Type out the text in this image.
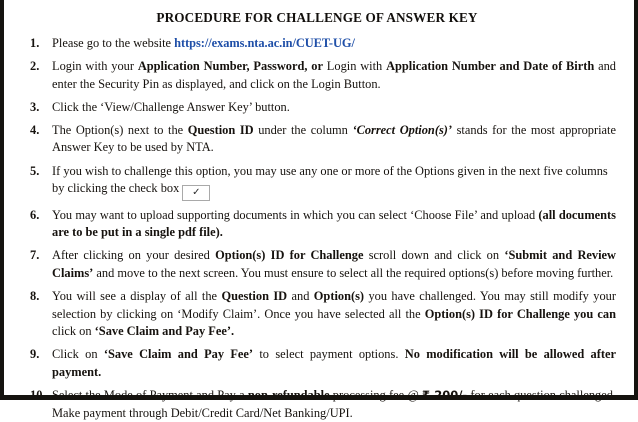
PROCEDURE FOR CHALLENGE OF ANSWER KEY
1.	Please go to the website https://exams.nta.ac.in/CUET-UG/
2.	Login with your Application Number, Password, or Login with Application Number and Date of Birth and enter the Security Pin as displayed, and click on the Login Button.
3.	Click the ‘View/Challenge Answer Key’ button.
4.	The Option(s) next to the Question ID under the column ‘Correct Option(s)’ stands for the most appropriate Answer Key to be used by NTA.
5.	If you wish to challenge this option, you may use any one or more of the Options given in the next five columns by clicking the check box ✓
6.	You may want to upload supporting documents in which you can select ‘Choose File’ and upload (all documents are to be put in a single pdf file).
7.	After clicking on your desired Option(s) ID for Challenge scroll down and click on ‘Submit and Review Claims’ and move to the next screen. You must ensure to select all the required options(s) before moving further.
8.	You will see a display of all the Question ID and Option(s) you have challenged. You may still modify your selection by clicking on ‘Modify Claim’. Once you have selected all the Option(s) ID for Challenge you can click on ‘Save Claim and Pay Fee’.
9.	Click on ‘Save Claim and Pay Fee’ to select payment options. No modification will be allowed after payment.
10. Select the Mode of Payment and Pay a non-refundable processing fee @ ₹ 200/- for each question challenged. Make payment through Debit/Credit Card/Net Banking/UPI.
